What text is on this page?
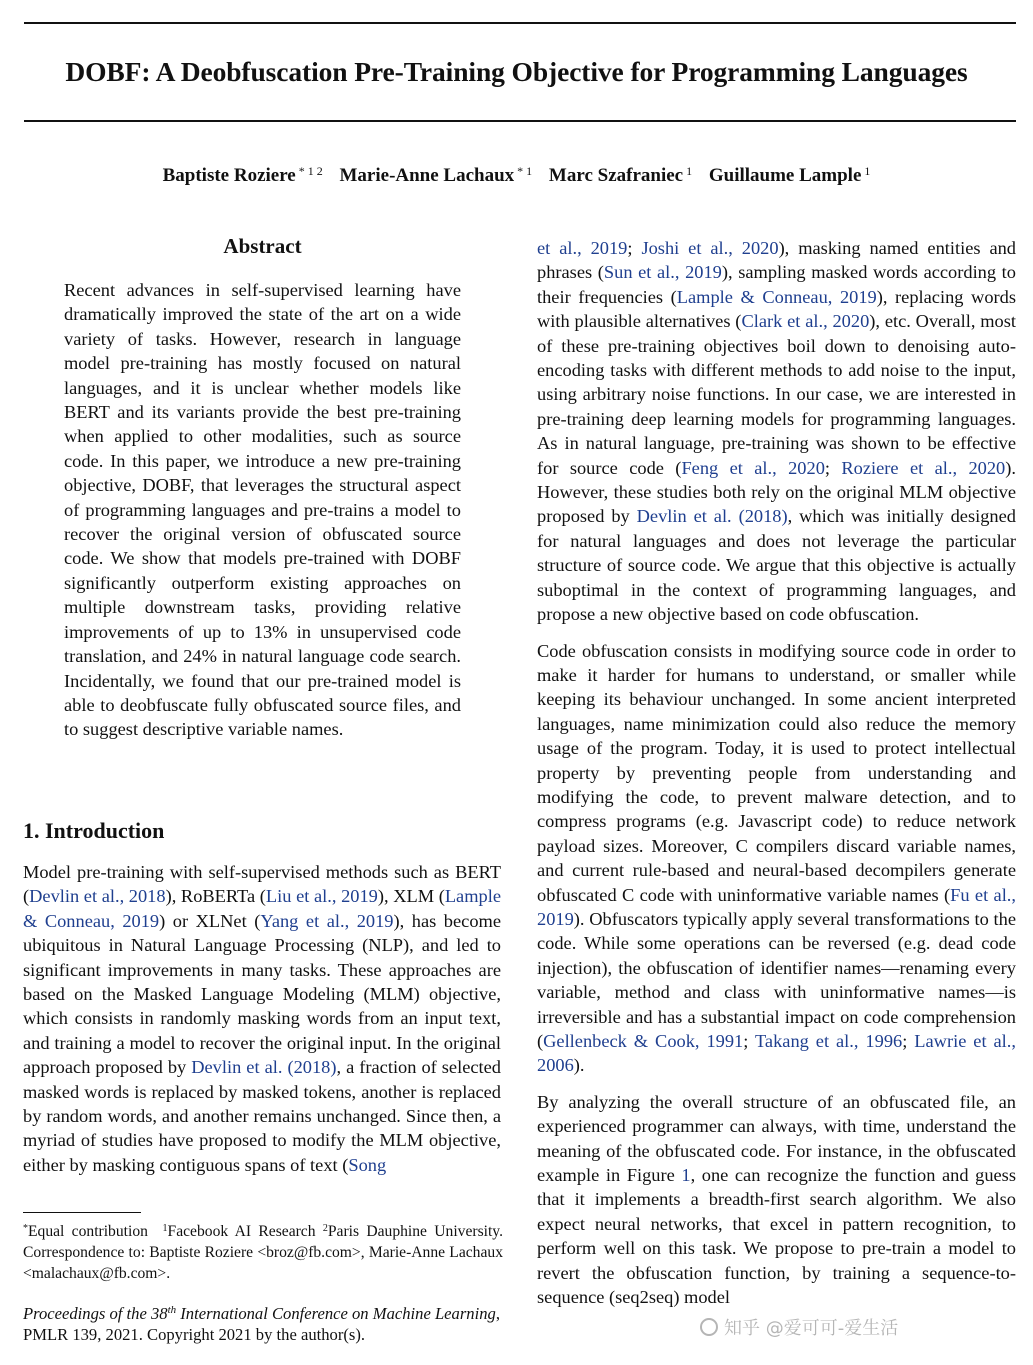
DOBF: A Deobfuscation Pre-Training Objective for Programming Languages
Baptiste Roziere $^{* 1 2}$ Marie-Anne Lachaux $^{* 1}$ Marc Szafraniec $^1$ Guillaume Lample $^1$
Abstract
Recent advances in self-supervised learning have dramatically improved the state of the art on a wide variety of tasks. However, research in language model pre-training has mostly focused on natural languages, and it is unclear whether models like BERT and its variants provide the best pre-training when applied to other modalities, such as source code. In this paper, we introduce a new pre-training objective, DOBF, that leverages the structural aspect of programming languages and pre-trains a model to recover the original version of obfuscated source code. We show that models pre-trained with DOBF significantly outperform existing approaches on multiple downstream tasks, providing relative improvements of up to 13% in unsupervised code translation, and 24% in natural language code search. Incidentally, we found that our pre-trained model is able to deobfuscate fully obfuscated source files, and to suggest descriptive variable names.
1. Introduction
Model pre-training with self-supervised methods such as BERT (Devlin et al., 2018), RoBERTa (Liu et al., 2019), XLM (Lample & Conneau, 2019) or XLNet (Yang et al., 2019), has become ubiquitous in Natural Language Processing (NLP), and led to significant improvements in many tasks. These approaches are based on the Masked Language Modeling (MLM) objective, which consists in randomly masking words from an input text, and training a model to recover the original input. In the original approach proposed by Devlin et al. (2018), a fraction of selected masked words is replaced by masked tokens, another is replaced by random words, and another remains unchanged. Since then, a myriad of studies have proposed to modify the MLM objective, either by masking contiguous spans of text (Song
*Equal contribution $^1$Facebook AI Research $^2$Paris Dauphine University. Correspondence to: Baptiste Roziere <broz@fb.com>, Marie-Anne Lachaux <malachaux@fb.com>.
Proceedings of the 38th International Conference on Machine Learning, PMLR 139, 2021. Copyright 2021 by the author(s).

et al., 2019; Joshi et al., 2020), masking named entities and phrases (Sun et al., 2019), sampling masked words according to their frequencies (Lample & Conneau, 2019), replacing words with plausible alternatives (Clark et al., 2020), etc. Overall, most of these pre-training objectives boil down to denoising auto-encoding tasks with different methods to add noise to the input, using arbitrary noise functions. In our case, we are interested in pre-training deep learning models for programming languages. As in natural language, pre-training was shown to be effective for source code (Feng et al., 2020; Roziere et al., 2020). However, these studies both rely on the original MLM objective proposed by Devlin et al. (2018), which was initially designed for natural languages and does not leverage the particular structure of source code. We argue that this objective is actually suboptimal in the context of programming languages, and propose a new objective based on code obfuscation.

Code obfuscation consists in modifying source code in order to make it harder for humans to understand, or smaller while keeping its behaviour unchanged. In some ancient interpreted languages, name minimization could also reduce the memory usage of the program. Today, it is used to protect intellectual property by preventing people from understanding and modifying the code, to prevent malware detection, and to compress programs (e.g. Javascript code) to reduce network payload sizes. Moreover, C compilers discard variable names, and current rule-based and neural-based decompilers generate obfuscated C code with uninformative variable names (Fu et al., 2019). Obfuscators typically apply several transformations to the code. While some operations can be reversed (e.g. dead code injection), the obfuscation of identifier names—renaming every variable, method and class with uninformative names—is irreversible and has a substantial impact on code comprehension (Gellenbeck & Cook, 1991; Takang et al., 1996; Lawrie et al., 2006).

By analyzing the overall structure of an obfuscated file, an experienced programmer can always, with time, understand the meaning of the obfuscated code. For instance, in the obfuscated example in Figure 1, one can recognize the function and guess that it implements a breadth-first search algorithm. We also expect neural networks, that excel in pattern recognition, to perform well on this task. We propose to pre-train a model to revert the obfuscation function, by training a sequence-to-sequence (seq2seq) model

知乎 @爱可可-爱生活
